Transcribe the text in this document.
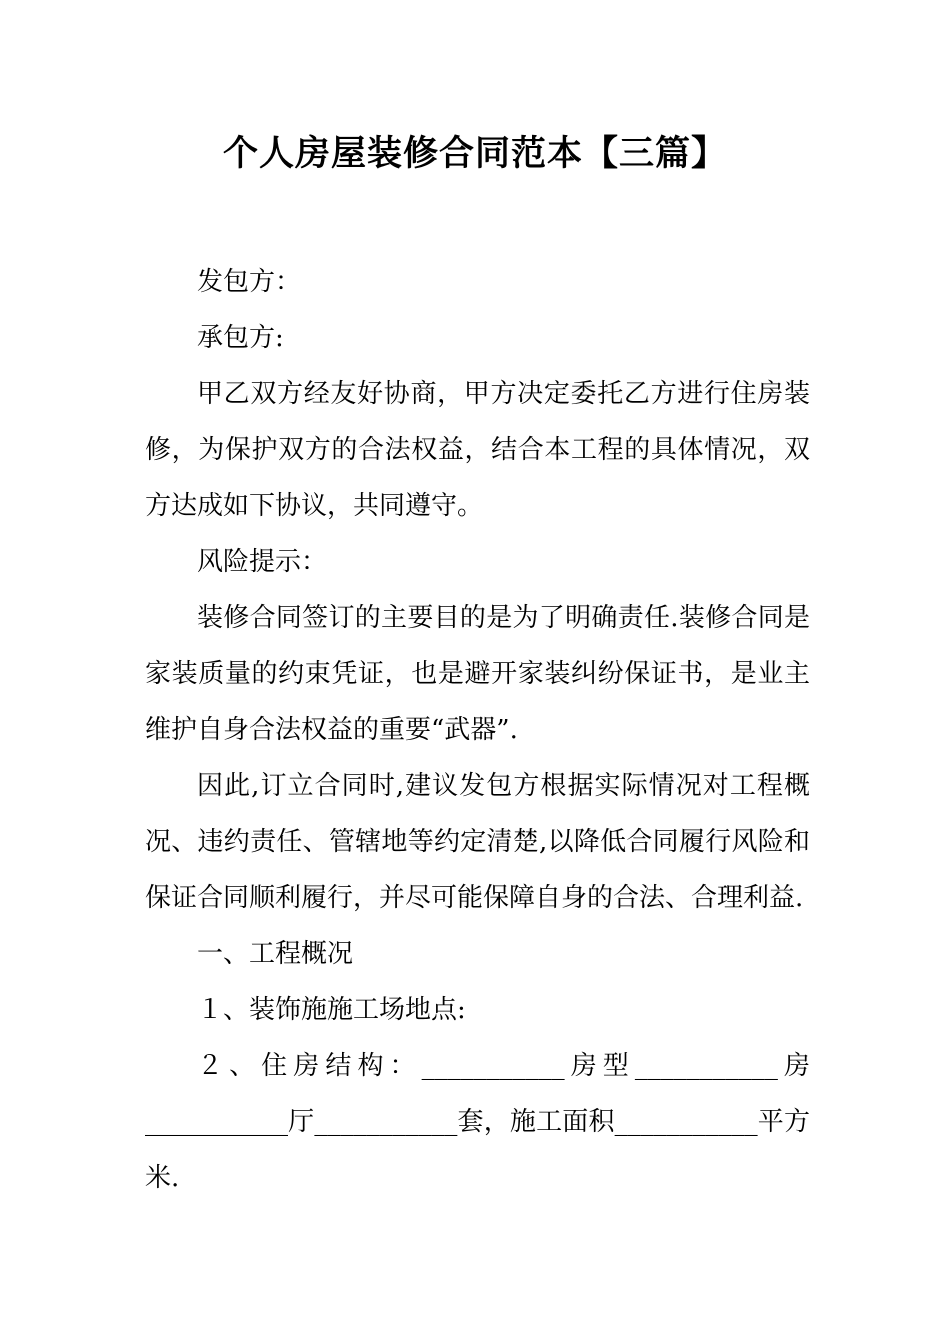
个人房屋装修合同范本【三篇】

发包方：

承包方:

甲乙双方经友好协商，甲方决定委托乙方进行住房装修，为保护双方的合法权益，结合本工程的具体情况，双方达成如下协议，共同遵守。

风险提示：

装修合同签订的主要目的是为了明确责任.装修合同是家装质量的约束凭证，也是避开家装纠纷保证书，是业主维护自身合法权益的重要“武器”.

因此,订立合同时,建议发包方根据实际情况对工程概况、违约责任、管辖地等约定清楚,以降低合同履行风险和保证合同顺利履行，并尽可能保障自身的合法、合理利益.

一、工程概况

１、装饰施施工场地点:

２、住房结构：___________房型___________房___________厅___________套，施工面积___________平方米.
